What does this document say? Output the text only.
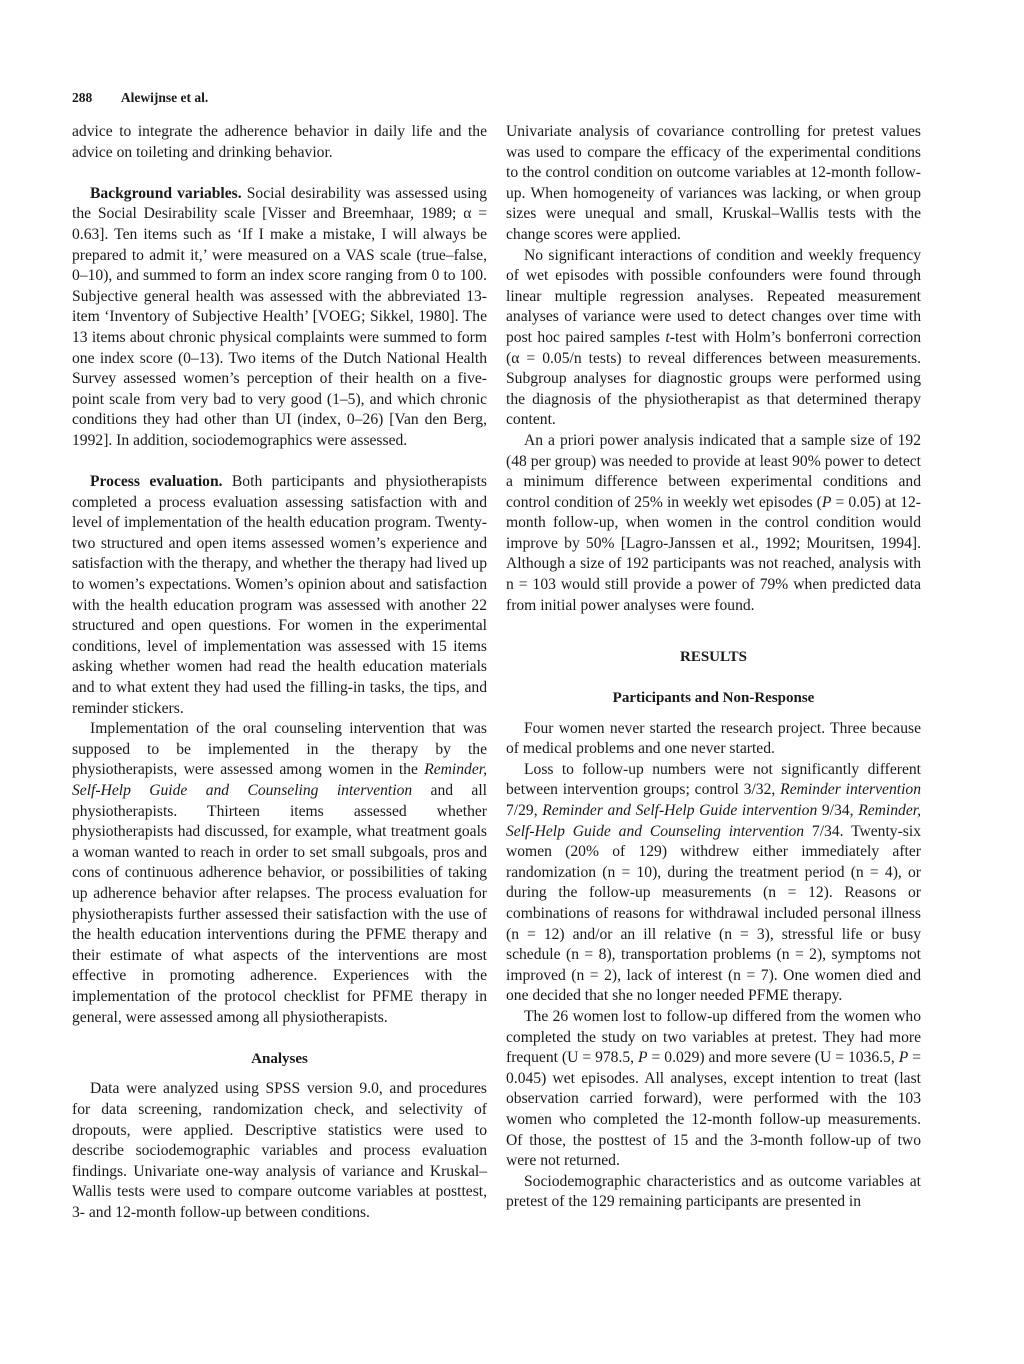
288 Alewijnse et al.

advice to integrate the adherence behavior in daily life and the advice on toileting and drinking behavior.

Background variables. Social desirability was assessed using the Social Desirability scale [Visser and Breemhaar, 1989; α = 0.63]. Ten items such as ‘If I make a mistake, I will always be prepared to admit it,’ were measured on a VAS scale (true–false, 0–10), and summed to form an index score ranging from 0 to 100. Subjective general health was assessed with the abbreviated 13-item ‘Inventory of Subjective Health’ [VOEG; Sikkel, 1980]. The 13 items about chronic physical complaints were summed to form one index score (0–13). Two items of the Dutch National Health Survey assessed women’s perception of their health on a five-point scale from very bad to very good (1–5), and which chronic conditions they had other than UI (index, 0–26) [Van den Berg, 1992]. In addition, sociodemographics were assessed.

Process evaluation. Both participants and physiotherapists completed a process evaluation assessing satisfaction with and level of implementation of the health education program. Twenty-two structured and open items assessed women’s experience and satisfaction with the therapy, and whether the therapy had lived up to women’s expectations. Women’s opinion about and satisfaction with the health education program was assessed with another 22 structured and open questions. For women in the experimental conditions, level of implementation was assessed with 15 items asking whether women had read the health education materials and to what extent they had used the filling-in tasks, the tips, and reminder stickers.

Implementation of the oral counseling intervention that was supposed to be implemented in the therapy by the physiotherapists, were assessed among women in the Reminder, Self-Help Guide and Counseling intervention and all physiotherapists. Thirteen items assessed whether physiotherapists had discussed, for example, what treatment goals a woman wanted to reach in order to set small subgoals, pros and cons of continuous adherence behavior, or possibilities of taking up adherence behavior after relapses. The process evaluation for physiotherapists further assessed their satisfaction with the use of the health education interventions during the PFME therapy and their estimate of what aspects of the interventions are most effective in promoting adherence. Experiences with the implementation of the protocol checklist for PFME therapy in general, were assessed among all physiotherapists.

Analyses

Data were analyzed using SPSS version 9.0, and procedures for data screening, randomization check, and selectivity of dropouts, were applied. Descriptive statistics were used to describe sociodemographic variables and process evaluation findings. Univariate one-way analysis of variance and Kruskal–Wallis tests were used to compare outcome variables at posttest, 3- and 12-month follow-up between conditions.

Univariate analysis of covariance controlling for pretest values was used to compare the efficacy of the experimental conditions to the control condition on outcome variables at 12-month follow-up. When homogeneity of variances was lacking, or when group sizes were unequal and small, Kruskal–Wallis tests with the change scores were applied.

No significant interactions of condition and weekly frequency of wet episodes with possible confounders were found through linear multiple regression analyses. Repeated measurement analyses of variance were used to detect changes over time with post hoc paired samples t-test with Holm’s bonferroni correction (α = 0.05/n tests) to reveal differences between measurements. Subgroup analyses for diagnostic groups were performed using the diagnosis of the physiotherapist as that determined therapy content.

An a priori power analysis indicated that a sample size of 192 (48 per group) was needed to provide at least 90% power to detect a minimum difference between experimental conditions and control condition of 25% in weekly wet episodes (P = 0.05) at 12-month follow-up, when women in the control condition would improve by 50% [Lagro-Janssen et al., 1992; Mouritsen, 1994]. Although a size of 192 participants was not reached, analysis with n = 103 would still provide a power of 79% when predicted data from initial power analyses were found.

RESULTS

Participants and Non-Response

Four women never started the research project. Three because of medical problems and one never started.

Loss to follow-up numbers were not significantly different between intervention groups; control 3/32, Reminder intervention 7/29, Reminder and Self-Help Guide intervention 9/34, Reminder, Self-Help Guide and Counseling intervention 7/34. Twenty-six women (20% of 129) withdrew either immediately after randomization (n = 10), during the treatment period (n = 4), or during the follow-up measurements (n = 12). Reasons or combinations of reasons for withdrawal included personal illness (n = 12) and/or an ill relative (n = 3), stressful life or busy schedule (n = 8), transportation problems (n = 2), symptoms not improved (n = 2), lack of interest (n = 7). One women died and one decided that she no longer needed PFME therapy.

The 26 women lost to follow-up differed from the women who completed the study on two variables at pretest. They had more frequent (U = 978.5, P = 0.029) and more severe (U = 1036.5, P = 0.045) wet episodes. All analyses, except intention to treat (last observation carried forward), were performed with the 103 women who completed the 12-month follow-up measurements. Of those, the posttest of 15 and the 3-month follow-up of two were not returned.

Sociodemographic characteristics and as outcome variables at pretest of the 129 remaining participants are presented in
